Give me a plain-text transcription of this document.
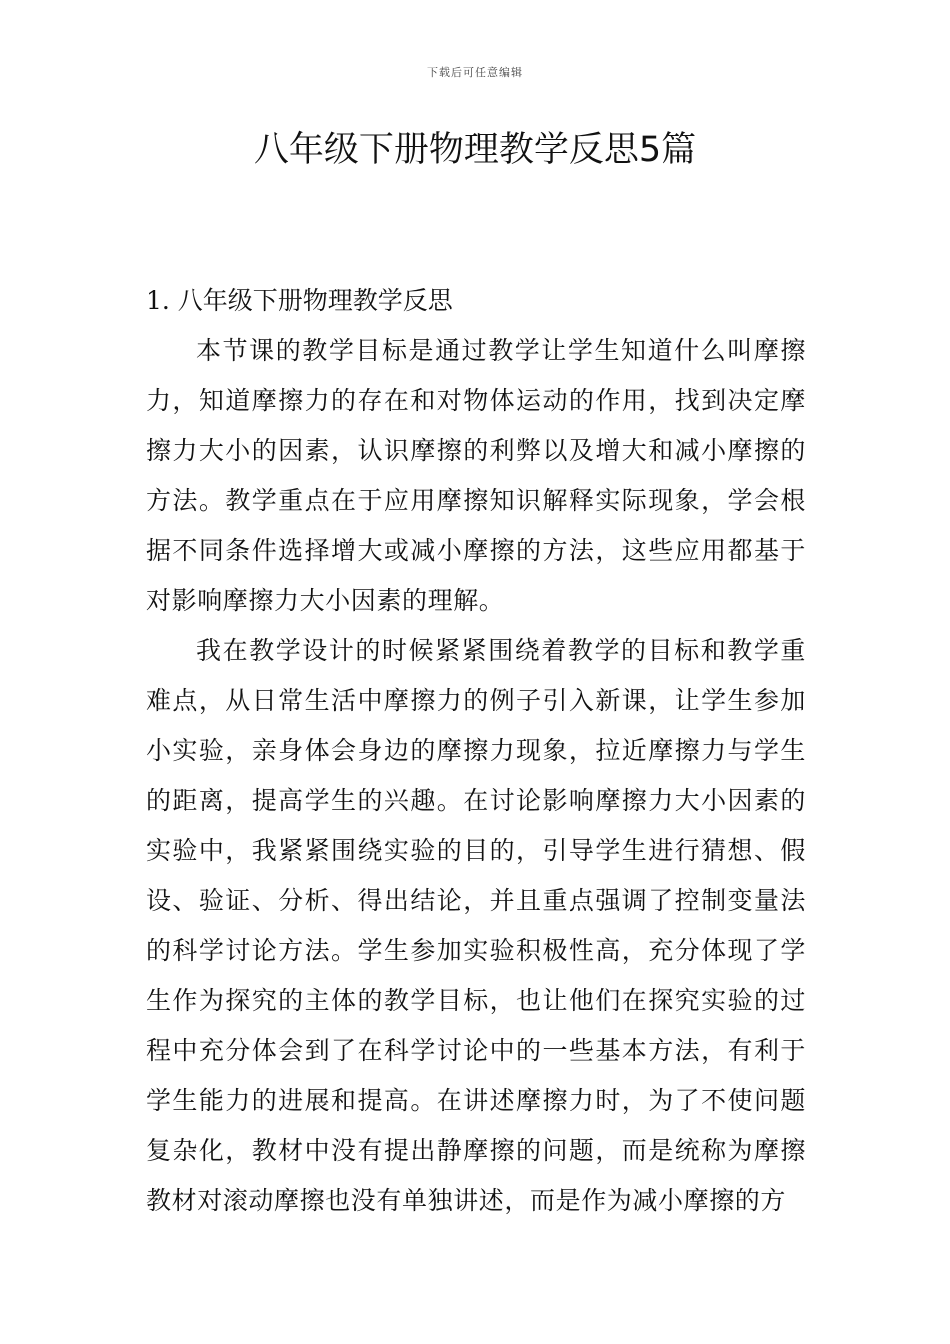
下载后可任意编辑
八年级下册物理教学反思5篇
1. 八年级下册物理教学反思

本节课的教学目标是通过教学让学生知道什么叫摩擦力，知道摩擦力的存在和对物体运动的作用，找到决定摩擦力大小的因素，认识摩擦的利弊以及增大和减小摩擦的方法。教学重点在于应用摩擦知识解释实际现象，学会根据不同条件选择增大或减小摩擦的方法，这些应用都基于对影响摩擦力大小因素的理解。

我在教学设计的时候紧紧围绕着教学的目标和教学重难点，从日常生活中摩擦力的例子引入新课，让学生参加小实验，亲身体会身边的摩擦力现象，拉近摩擦力与学生的距离，提高学生的兴趣。在讨论影响摩擦力大小因素的实验中，我紧紧围绕实验的目的，引导学生进行猜想、假设、验证、分析、得出结论，并且重点强调了控制变量法的科学讨论方法。学生参加实验积极性高，充分体现了学生作为探究的主体的教学目标，也让他们在探究实验的过程中充分体会到了在科学讨论中的一些基本方法，有利于学生能力的进展和提高。在讲述摩擦力时，为了不使问题复杂化，教材中没有提出静摩擦的问题，而是统称为摩擦教材对滚动摩擦也没有单独讲述，而是作为减小摩擦的方
